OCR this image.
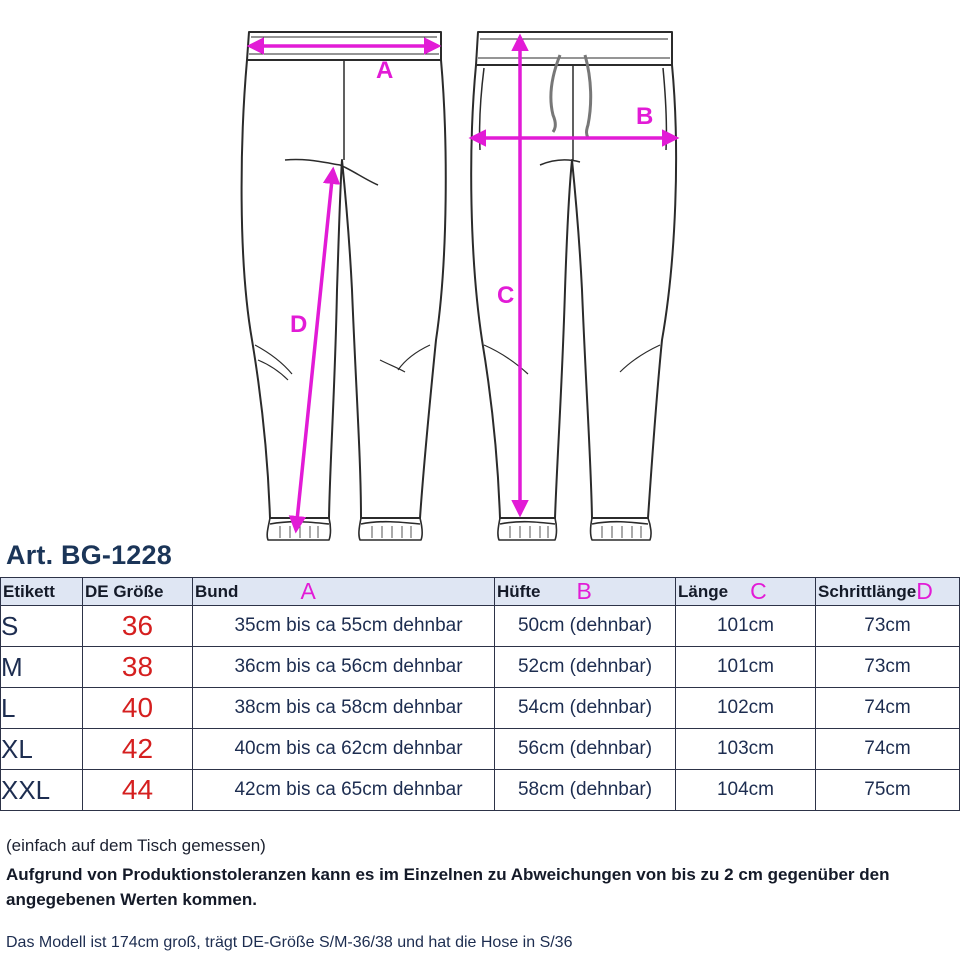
A
B
C
D
Art. BG-1228
Etikett	DE Größe	Bund A	Hüfte B	Länge C	SchrittlängeD
S	36	35cm bis ca 55cm dehnbar	50cm (dehnbar)	101cm	73cm
M	38	36cm bis ca 56cm dehnbar	52cm (dehnbar)	101cm	73cm
L	40	38cm bis ca 58cm dehnbar	54cm (dehnbar)	102cm	74cm
XL	42	40cm bis ca 62cm dehnbar	56cm (dehnbar)	103cm	74cm
XXL	44	42cm bis ca 65cm dehnbar	58cm (dehnbar)	104cm	75cm
(einfach auf dem Tisch gemessen)
Aufgrund von Produktionstoleranzen kann es im Einzelnen zu Abweichungen von bis zu 2 cm gegenüber den angegebenen Werten kommen.
Das Modell ist 174cm groß, trägt DE-Größe S/M-36/38 und hat die Hose in S/36
